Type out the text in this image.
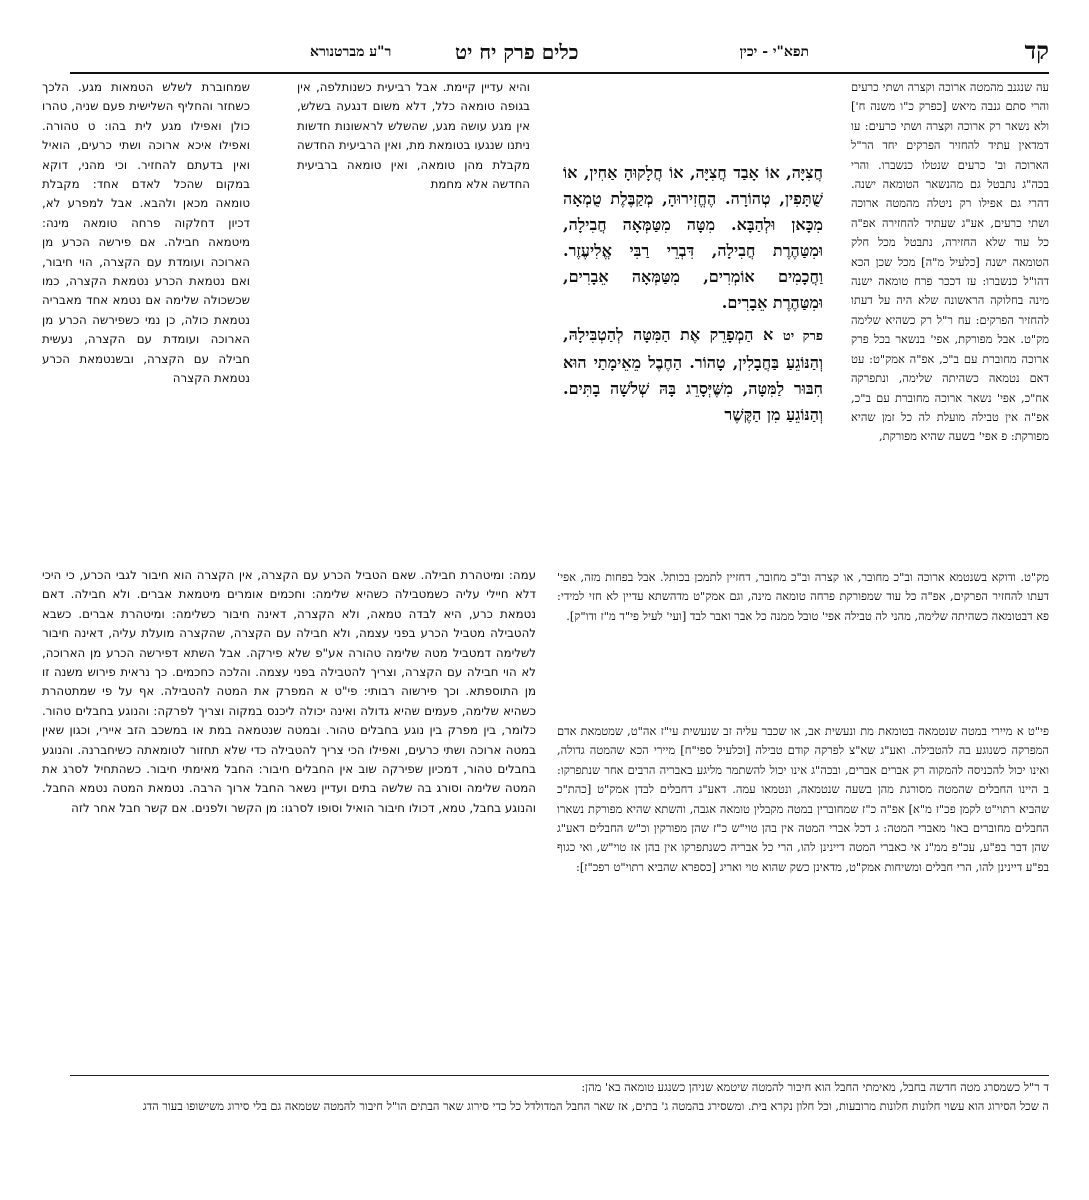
קד
תפא"י - יכין
כלים פרק יח יט
ר"ע מברטנורא

עה שנגנב מהמטה ארוכה וקצרה ושתי כרעים והרי סתם גנבה מיאש [כפרק כ"ו משנה ח'] ולא נשאר רק ארוכה וקצרה ושתי כרעים: עו דמדאין עתיד להחזיר הפרקים יחד הר"ל הארוכה וב' כרעים שנטלו כנשברו. והרי בכה"ג נתבטל גם מהנשאר הטומאה ישנה. דהרי גם אפילו רק ניטלה מהמטה ארוכה ושתי כרעים, אע"ג שעתיד להחזירה אפ"ה כל עוד שלא החזירה, נתבטל מכל חלק הטומאה ישנה [כלעיל מ"ה] מכל שכן הכא דהו"ל כנשברו: עז דככר פרח טומאה ישנה מינה בחלוקה הראשונה שלא היה על דעתו להחזיר הפרקים: עח ר"ל רק כשהיא שלימה מק"ט. אבל מפורקת, אפי' בנשאר בכל פרק ארוכה מחוברת עם ב"כ, אפ"ה אמק"ט: עט דאם נטמאה כשהיתה שלימה, ונתפרקה אח"כ, אפי' נשאר ארוכה מחוברת עם ב"כ, אפ"ה אין טבילה מועלת לה כל זמן שהיא מפורקת: פ אפי' בשעה שהיא מפורקת,

חֲצִיָּה, אוֹ אָבַד חֲצִיָּה, אוֹ חֲלָקוּהָ אַחִין, אוֹ שֻׁתָּפִין, טְהוֹרָה. הֶחֱזִירוּהָ, מְקַבֶּלֶת טֻמְאָה מִכָּאן וּלְהַבָּא. מִטָּה מִטַּמְּאָה חֲבִילָה, וּמִטַּהֶרֶת חֲבִילָה, דִּבְרֵי רַבִּי אֱלִיעֶזֶר. וַחֲכָמִים אוֹמְרִים, מִטַּמְּאָה אֵבָרִים, וּמִטַּהֶרֶת אֵבָרִים.

פרק יט א הַמְפָרֵק אֶת הַמִּטָּה לְהַטְבִּילָהּ, וְהַנּוֹגֵעַ בַּחֲבָלִין, טָהוֹר. הַחֶבֶל מֵאֵימָתַי הוּא חִבּוּר לַמִּטָּה, מִשֶּׁיְּסָרֵג בָּהּ שְׁלשָׁה בָתִּים. וְהַנּוֹגֵעַ מִן הַקֶּשֶׁר

והיא עדיין קיימת. אבל רביעית כשנותלפה, אין בגופה טומאה כלל, דלא משום דנגעה בשלש, אין מגע עושה מגע, שהשלש לראשונות חדשות ניתנו שנגעו בטומאת מת, ואין הרביעית החדשה מקבלת מהן טומאה, ואין טומאה ברביעית החדשה אלא מחמת

שמחוברת לשלש הטמאות מגע. הלכך כשחזר והחליף השלישית פעם שניה, טהרו כולן ואפילו מגע לית בהו: ט טהורה. ואפילו איכא ארוכה ושתי כרעים, הואיל ואין בדעתם להחזיר. וכי מהני, דוקא במקום שהכל לאדם אחד: מקבלת טומאה מכאן ולהבא. אבל למפרע לא, דכיון דחלקוה פרחה טומאה מינה: מיטמאה חבילה. אם פירשה הכרע מן הארוכה ועומדת עם הקצרה, הוי חיבור, ואם נטמאת הכרע נטמאת הקצרה, כמו שכשכולה שלימה אם נטמא אחד מאבריה נטמאת כולה, כן נמי כשפירשה הכרע מן הארוכה ועומדת עם הקצרה, נעשית חבילה עם הקצרה, ובשנטמאת הכרע נטמאת הקצרה

מק"ט. ודוקא בשנטמא ארוכה וב"כ מחובר, או קצרה וב"כ מחובר, דחזיין לתמכן בכותל. אבל בפחות מזה, אפי' דעתו להחזיר הפרקים, אפ"ה כל עוד שמפורקת פרחה טומאה מינה, וגם אמק"ט מדהשתא עדיין לא חזי למידי: פא דבטומאה כשהיתה שלימה, מהני לה טבילה אפי' טובל ממנה כל אבר ואבר לבד [ועי' לעיל פי"ד מ"ז ודו"ק].

פי"ט א מיירי במטה שנטמאה בטומאת מת ונעשית אב, או שכבר עליה זב שנעשית עי"ז אה"ט, שמטמאת אדם המפרקה כשנוגע בה להטבילה. ואע"ג שא"צ לפרקה קודם טבילה [וכלעיל ספי"ח] מיירי הכא שהמטה גדולה, ואינו יכול להכניסה להמקוה רק אברים אברים, ובכה"ג אינו יכול להשתמר מליגע באבריה הרבים אחר שנתפרקו: ב היינו החבלים שהמטה מסורגת מהן בשעה שנטמאה, ונטמאו עמה. דאע"ג דחבלים לבדן אמק"ט [כהת"כ שהביא רתוי"ט לקמן פכ"ז מ"א] אפ"ה כ"ז שמחוברין במטה מקבלין טומאה אגבה, והשתא שהיא מפורקת נשארו החבלים מחוברים באו' מאברי המטה: ג דכל אברי המטה אין בהן טוי"ש כ"ז שהן מפורקין וכ"ש החבלים דאע"ג שהן דבר בפ"ע, עכ"פ ממ"נ אי כאברי המטה דיינינן להו, הרי כל אבריה כשנתפרקו אין בהן אז טוי"ש, ואי כגוף בפ"ע דיינינן להו, הרי חבלים ומשיחות אמק"ט, מדאינן כשק שהוא טוי ואריג [כספרא שהביא רתוי"ט רפכ"ז]:

עמה: ומיטהרת חבילה. שאם הטביל הכרע עם הקצרה, אין הקצרה הוא חיבור לגבי הכרע, כי היכי דלא חיילי עליה כשמטבילה כשהיא שלימה: וחכמים אומרים מיטמאת אברים. ולא חבילה. דאם נטמאת כרע, היא לבדה טמאה, ולא הקצרה, דאינה חיבור כשלימה: ומיטהרת אברים. כשבא להטבילה מטביל הכרע בפני עצמה, ולא חבילה עם הקצרה, שהקצרה מועלת עליה, דאינה חיבור לשלימה דמטביל מטה שלימה טהורה אע"פ שלא פירקה. אבל השתא דפירשה הכרע מן הארוכה, לא הוי חבילה עם הקצרה, וצריך להטבילה בפני עצמה. והלכה כחכמים. כך נראית פירוש משנה זו מן התוספתא. וכך פירשוה רבותי: פי"ט א המפרק את המטה להטבילה. אף על פי שמתטהרת כשהיא שלימה, פעמים שהיא גדולה ואינה יכולה ליכנס במקוה וצריך לפרקה: והנוגע בחבלים טהור. כלומר, בין מפרק בין נוגע בחבלים טהור. ובמטה שנטמאה במת או במשכב הזב איירי, וכגון שאין במטה ארוכה ושתי כרעים, ואפילו הכי צריך להטבילה כדי שלא תחזור לטומאתה כשיחברנה. והנוגע בחבלים טהור, דמכיון שפירקה שוב אין החבלים חיבור: החבל מאימתי חיבור. כשהתחיל לסרג את המטה שלימה וסורג בה שלשה בתים ועדיין נשאר החבל ארוך הרבה. נטמאת המטה נטמא החבל. והנוגע בחבל, טמא, דכולו חיבור הואיל וסופו לסרגו: מן הקשר ולפנים. אם קשר חבל אחר לזה

ד ר"ל כשמסרג מטה חדשה בחבל, מאימתי החבל הוא חיבור להמטה שיטמא שניהן כשנגע טומאה בא' מהן:

ה שכל הסירוג הוא עשוי חלונות חלונות מרובעות, וכל חלון נקרא בית. ומשסירג בהמטה ג' בתים, אז שאר החבל המדולדל כל כדי סירוג שאר הבתים הו"ל חיבור להמטה שטמאה גם בלי סירוג משישופו בעור הדג
